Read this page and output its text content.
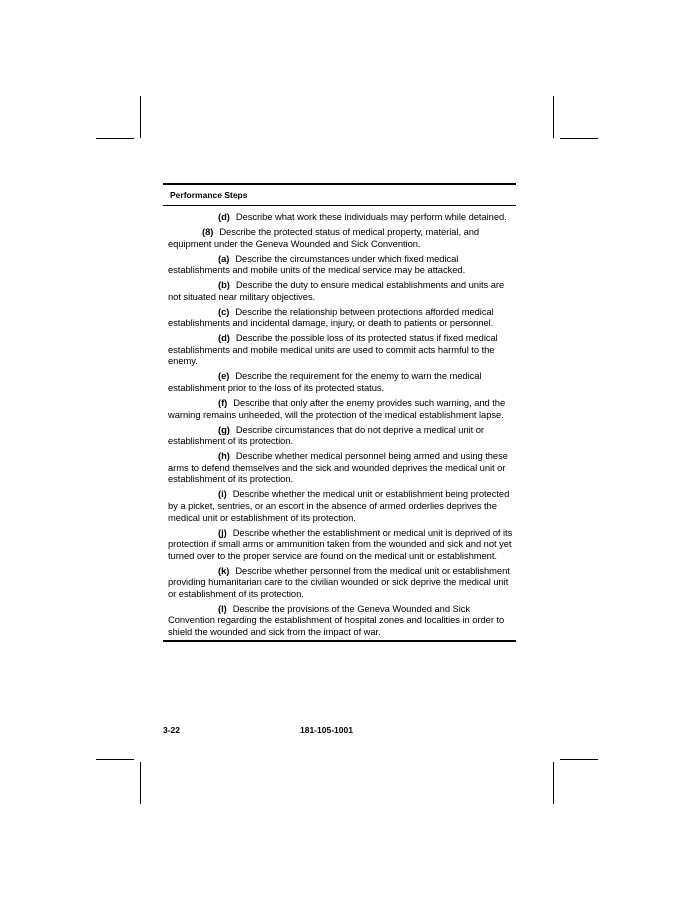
Performance Steps

(d) Describe what work these individuals may perform while detained.

(8) Describe the protected status of medical property, material, and equipment under the Geneva Wounded and Sick Convention.

(a) Describe the circumstances under which fixed medical establishments and mobile units of the medical service may be attacked.

(b) Describe the duty to ensure medical establishments and units are not situated near military objectives.

(c) Describe the relationship between protections afforded medical establishments and incidental damage, injury, or death to patients or personnel.

(d) Describe the possible loss of its protected status if fixed medical establishments and mobile medical units are used to commit acts harmful to the enemy.

(e) Describe the requirement for the enemy to warn the medical establishment prior to the loss of its protected status.

(f) Describe that only after the enemy provides such warning, and the warning remains unheeded, will the protection of the medical establishment lapse.

(g) Describe circumstances that do not deprive a medical unit or establishment of its protection.

(h) Describe whether medical personnel being armed and using these arms to defend themselves and the sick and wounded deprives the medical unit or establishment of its protection.

(i) Describe whether the medical unit or establishment being protected by a picket, sentries, or an escort in the absence of armed orderlies deprives the medical unit or establishment of its protection.

(j) Describe whether the establishment or medical unit is deprived of its protection if small arms or ammunition taken from the wounded and sick and not yet turned over to the proper service are found on the medical unit or establishment.

(k) Describe whether personnel from the medical unit or establishment providing humanitarian care to the civilian wounded or sick deprive the medical unit or establishment of its protection.

(l) Describe the provisions of the Geneva Wounded and Sick Convention regarding the establishment of hospital zones and localities in order to shield the wounded and sick from the impact of war.

3-22	181-105-1001
